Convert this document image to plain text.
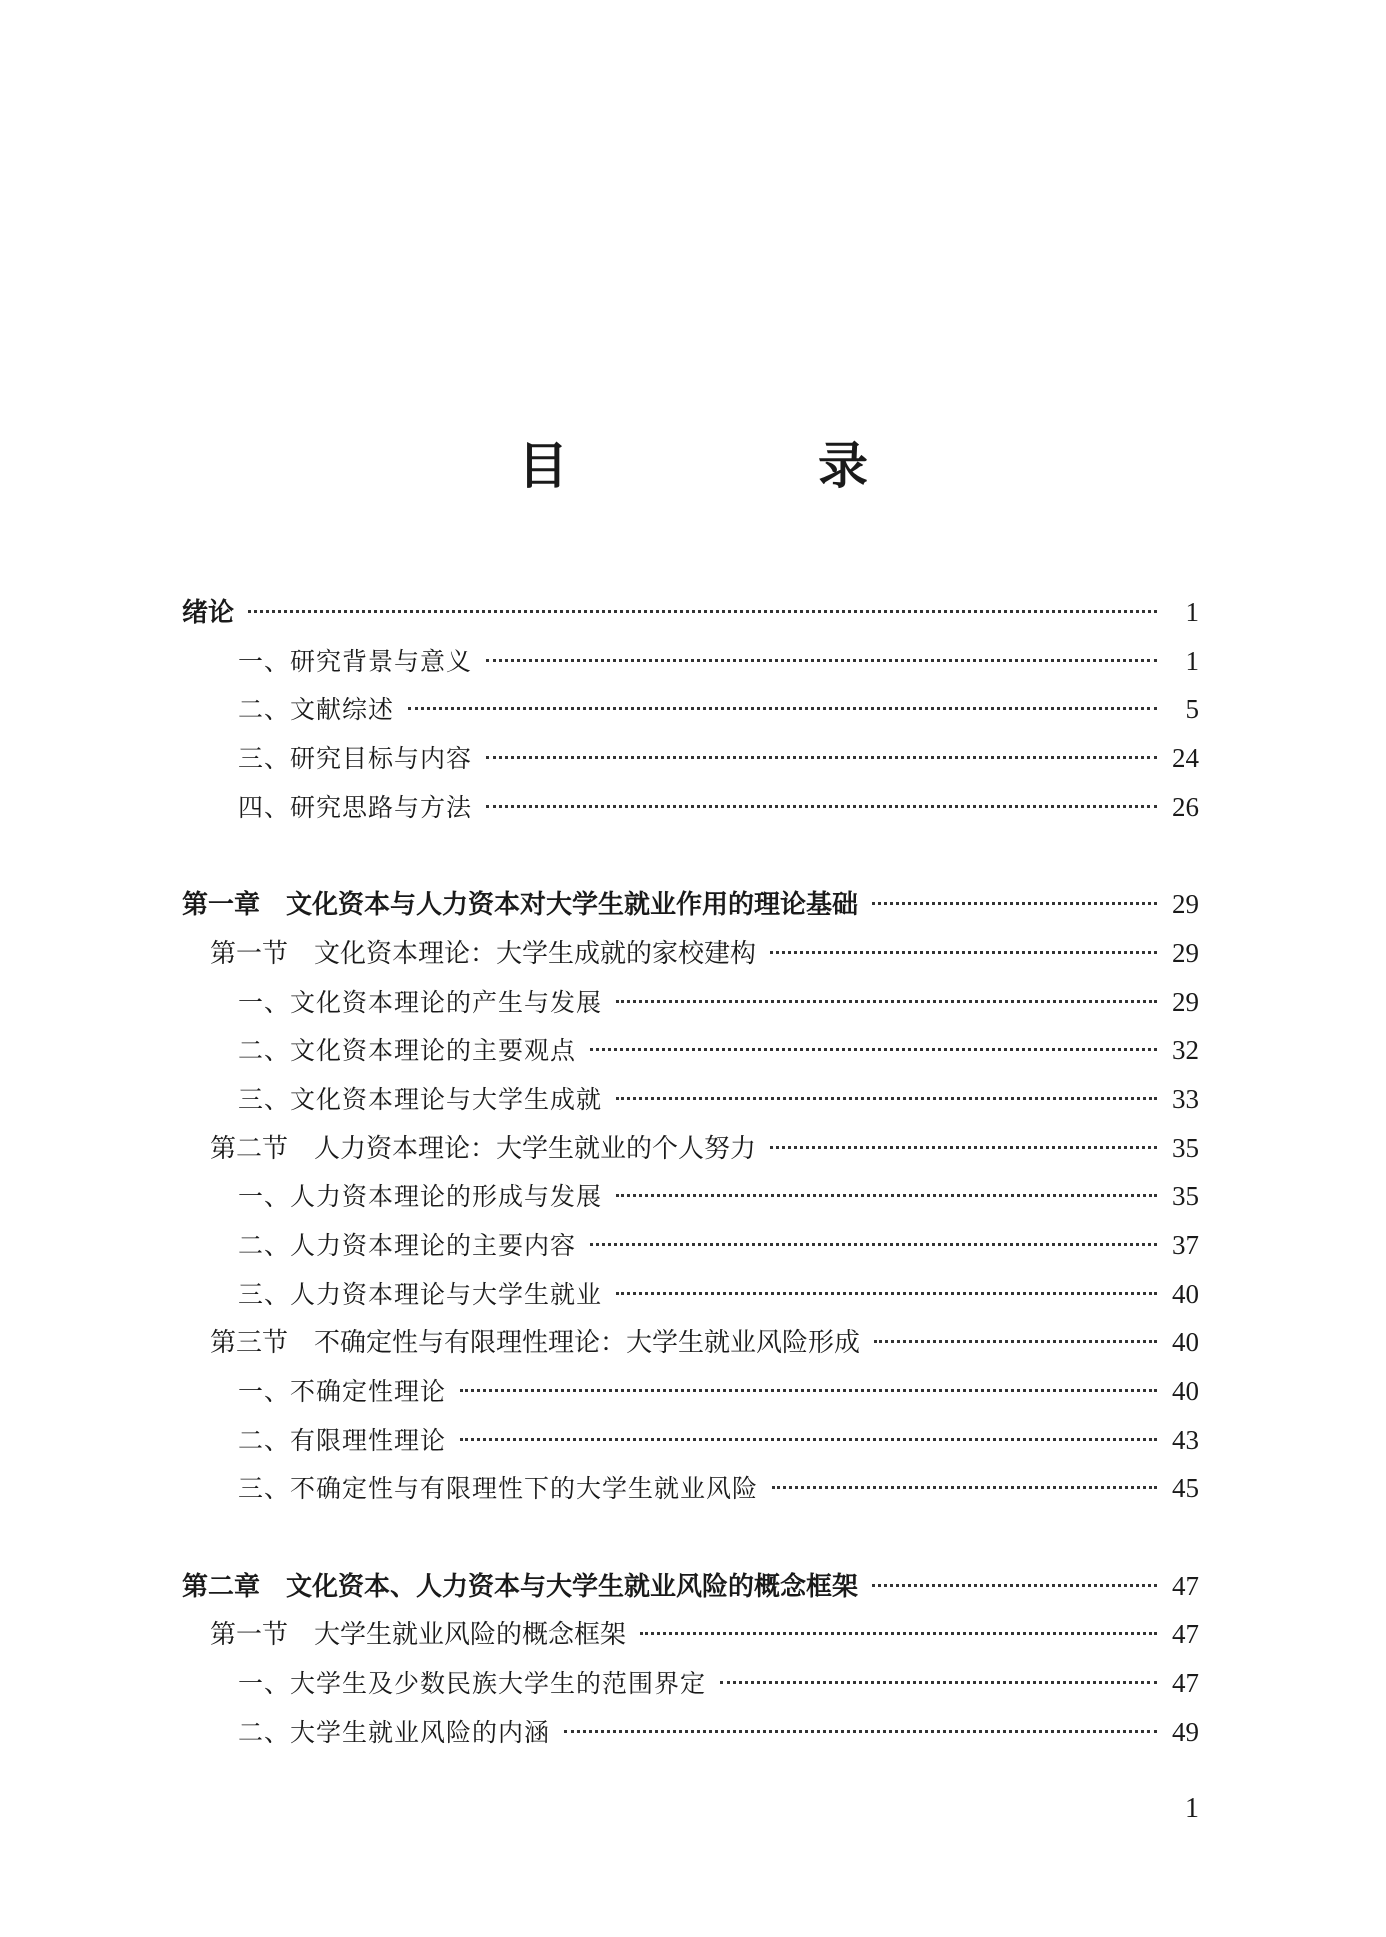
目　录
绪论	1
一、研究背景与意义	1
二、文献综述	5
三、研究目标与内容	24
四、研究思路与方法	26
第一章　文化资本与人力资本对大学生就业作用的理论基础	29
第一节　文化资本理论：大学生成就的家校建构	29
一、文化资本理论的产生与发展	29
二、文化资本理论的主要观点	32
三、文化资本理论与大学生成就	33
第二节　人力资本理论：大学生就业的个人努力	35
一、人力资本理论的形成与发展	35
二、人力资本理论的主要内容	37
三、人力资本理论与大学生就业	40
第三节　不确定性与有限理性理论：大学生就业风险形成	40
一、不确定性理论	40
二、有限理性理论	43
三、不确定性与有限理性下的大学生就业风险	45
第二章　文化资本、人力资本与大学生就业风险的概念框架	47
第一节　大学生就业风险的概念框架	47
一、大学生及少数民族大学生的范围界定	47
二、大学生就业风险的内涵	49
1
